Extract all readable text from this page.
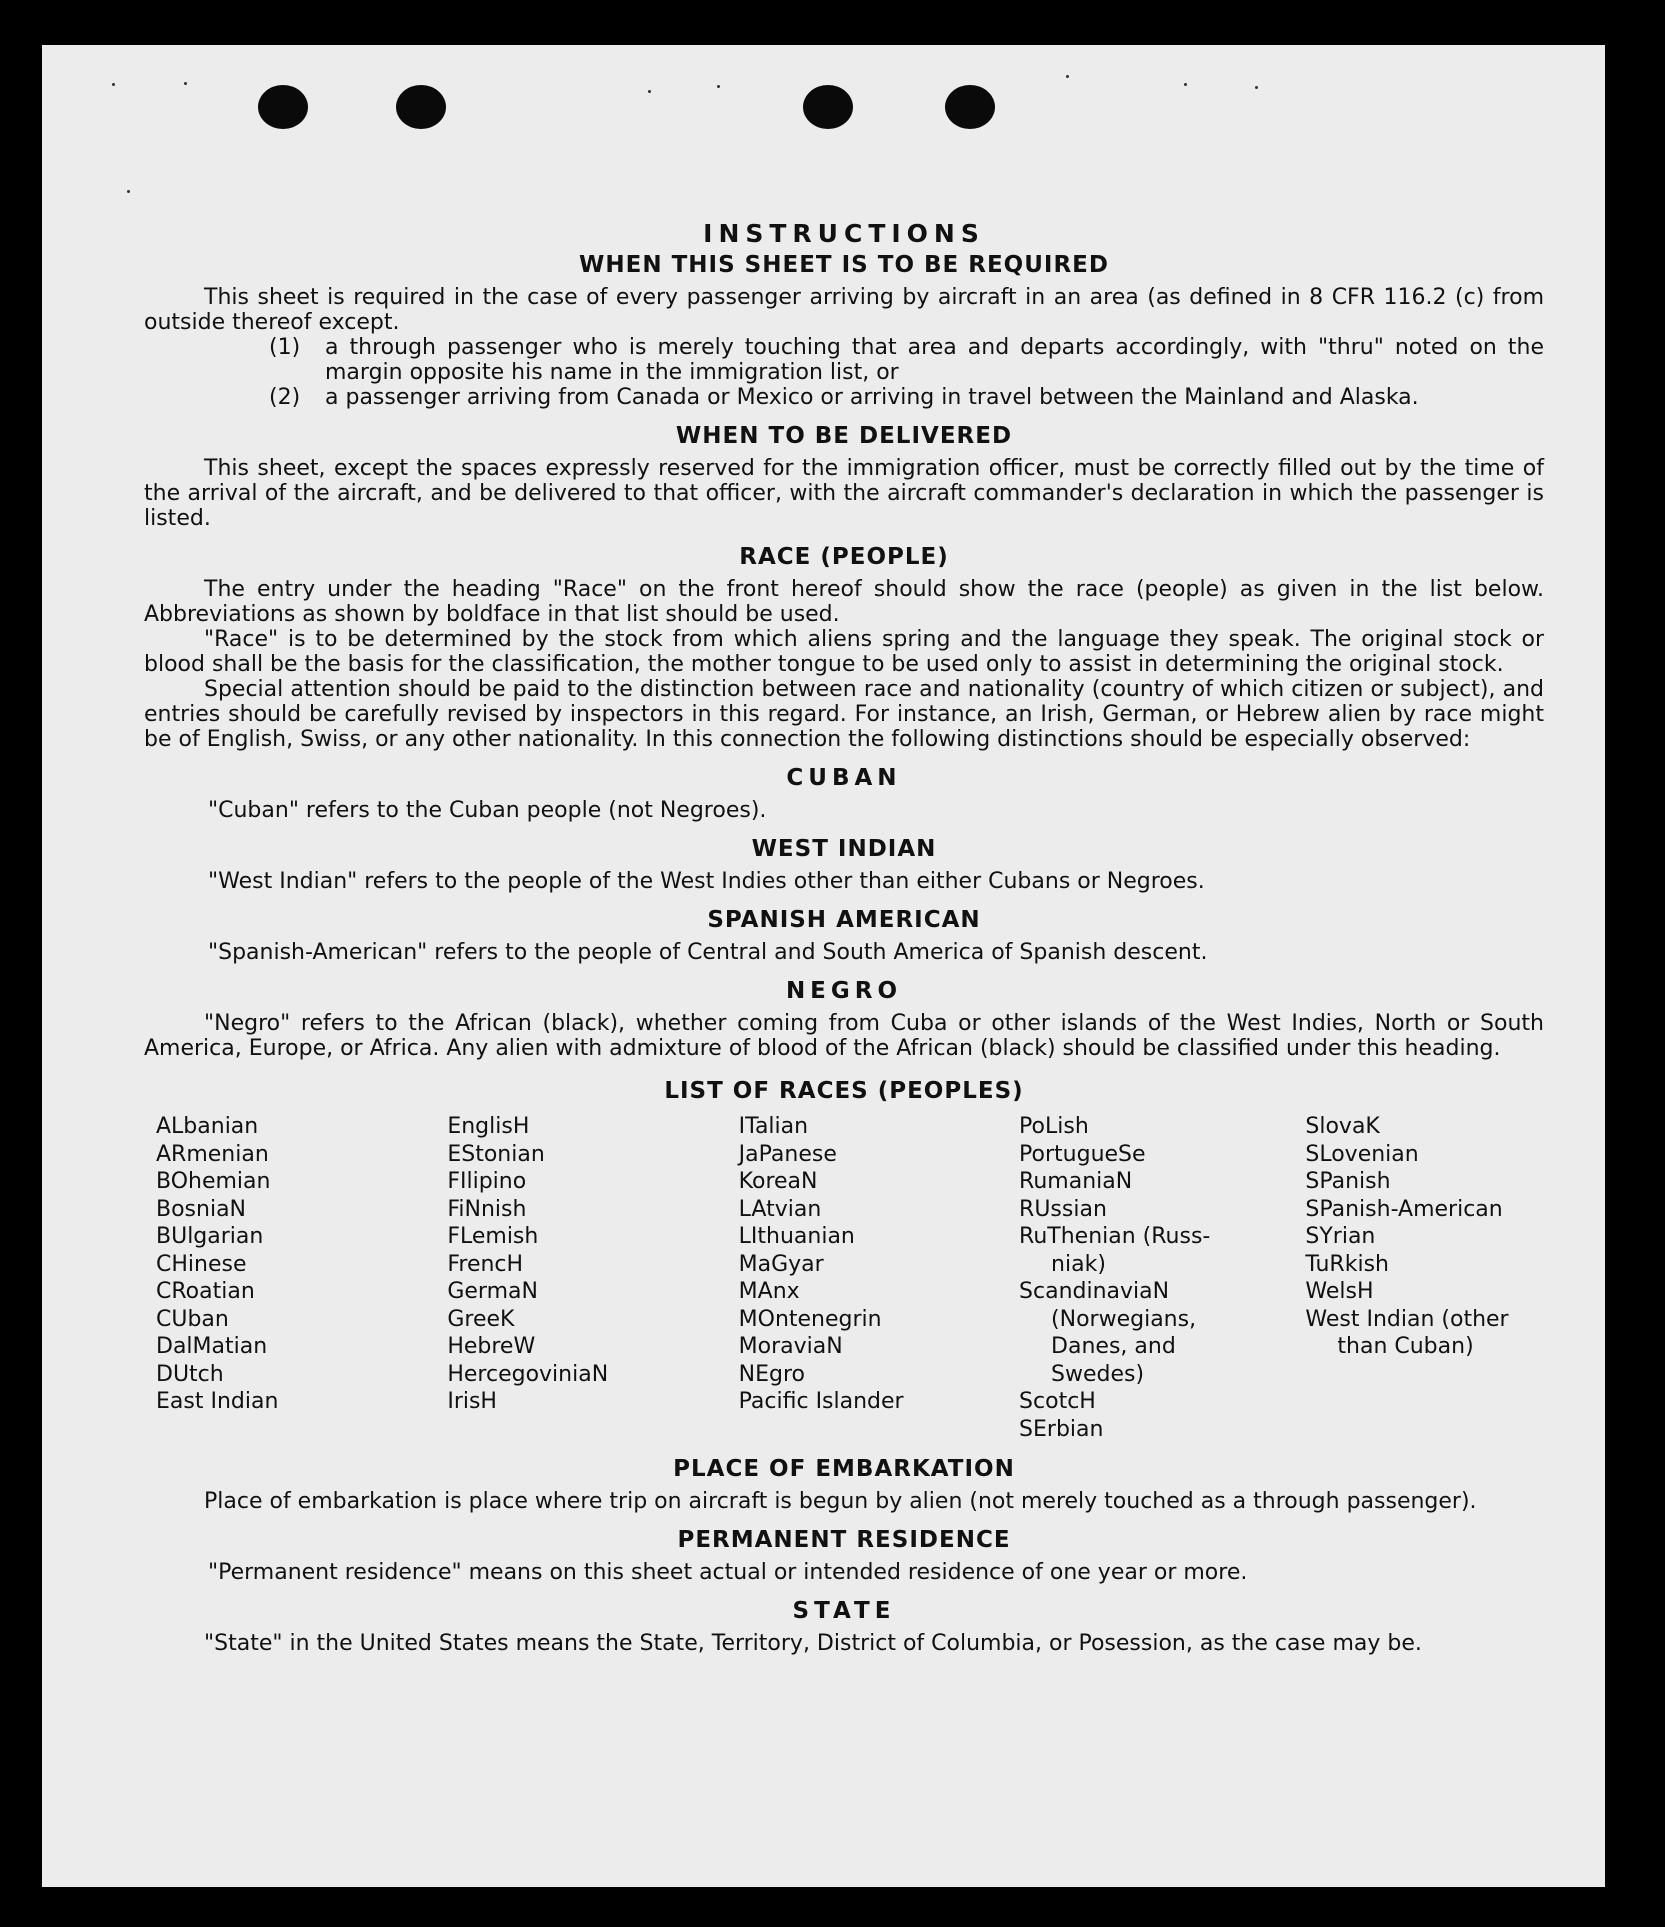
INSTRUCTIONS
WHEN THIS SHEET IS TO BE REQUIRED

This sheet is required in the case of every passenger arriving by aircraft in an area (as defined in 8 CFR 116.2 (c) from outside thereof except.

(1)	a through passenger who is merely touching that area and departs accordingly, with "thru" noted on the margin opposite his name in the immigration list, or
(2)	a passenger arriving from Canada or Mexico or arriving in travel between the Mainland and Alaska.
WHEN TO BE DELIVERED

This sheet, except the spaces expressly reserved for the immigration officer, must be correctly filled out by the time of the arrival of the aircraft, and be delivered to that officer, with the aircraft commander's declaration in which the passenger is listed.

RACE (PEOPLE)

The entry under the heading "Race" on the front hereof should show the race (people) as given in the list below. Abbreviations as shown by boldface in that list should be used.

"Race" is to be determined by the stock from which aliens spring and the language they speak. The original stock or blood shall be the basis for the classification, the mother tongue to be used only to assist in determining the original stock.

Special attention should be paid to the distinction between race and nationality (country of which citizen or subject), and entries should be carefully revised by inspectors in this regard. For instance, an Irish, German, or Hebrew alien by race might be of English, Swiss, or any other nationality. In this connection the following distinctions should be especially observed:

CUBAN

"Cuban" refers to the Cuban people (not Negroes).

WEST INDIAN

"West Indian" refers to the people of the West Indies other than either Cubans or Negroes.

SPANISH AMERICAN

"Spanish-American" refers to the people of Central and South America of Spanish descent.

NEGRO

"Negro" refers to the African (black), whether coming from Cuba or other islands of the West Indies, North or South America, Europe, or Africa. Any alien with admixture of blood of the African (black) should be classified under this heading.

LIST OF RACES (PEOPLES)
ALbanian
ARmenian
BOhemian
BosniaN
BUlgarian
CHinese
CRoatian
CUban
DalMatian
DUtch
East Indian
EnglisH
EStonian
FIlipino
FiNnish
FLemish
FrencH
GermaN
GreeK
HebreW
HercegoviniaN
IrisH
ITalian
JaPanese
KoreaN
LAtvian
LIthuanian
MaGyar
MAnx
MOntenegrin
MoraviaN
NEgro
Pacific Islander
PoLish
PortugueSe
RumaniaN
RUssian
RuThenian (Russ-
niak)
ScandinaviaN
(Norwegians,
Danes, and
Swedes)
ScotcH
SErbian
SlovaK
SLovenian
SPanish
SPanish-American
SYrian
TuRkish
WelsH
West Indian (other
than Cuban)
PLACE OF EMBARKATION

Place of embarkation is place where trip on aircraft is begun by alien (not merely touched as a through passenger).

PERMANENT RESIDENCE

"Permanent residence" means on this sheet actual or intended residence of one year or more.

STATE

"State" in the United States means the State, Territory, District of Columbia, or Posession, as the case may be.
